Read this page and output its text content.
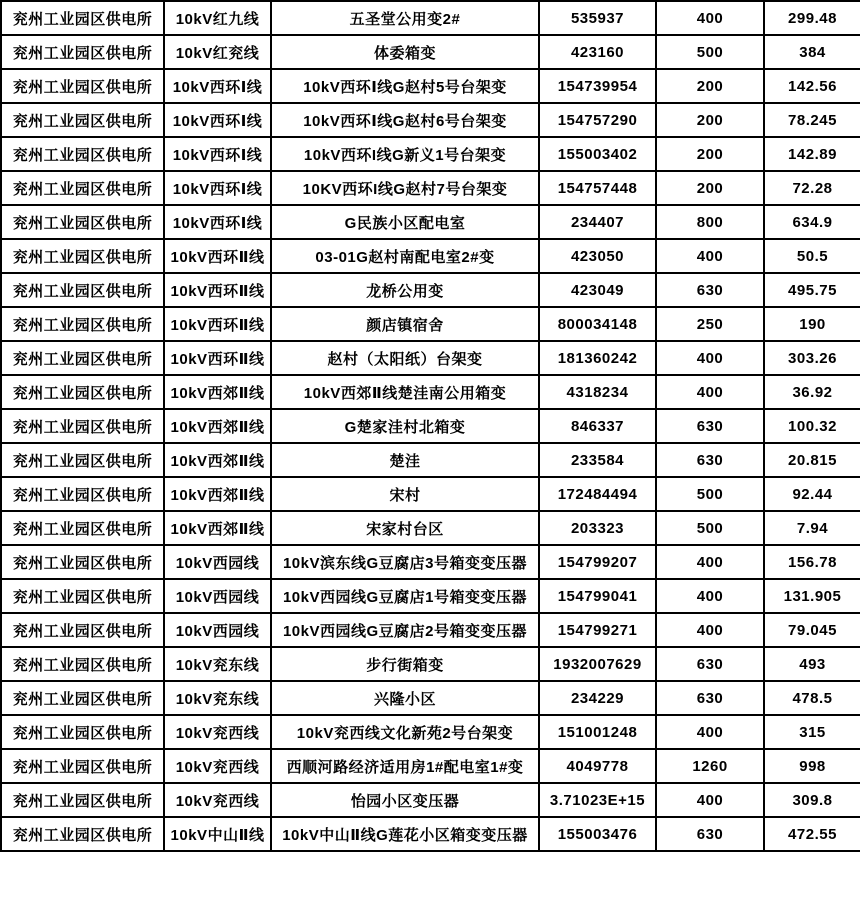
兖州工业园区供电所	10kV红九线	五圣堂公用变2#	535937	400	299.48
兖州工业园区供电所	10kV红兖线	体委箱变	423160	500	384
兖州工业园区供电所	10kV西环Ⅰ线	10kV西环Ⅰ线G赵村5号台架变	154739954	200	142.56
兖州工业园区供电所	10kV西环Ⅰ线	10kV西环Ⅰ线G赵村6号台架变	154757290	200	78.245
兖州工业园区供电所	10kV西环Ⅰ线	10kV西环I线G新义1号台架变	155003402	200	142.89
兖州工业园区供电所	10kV西环Ⅰ线	10KV西环I线G赵村7号台架变	154757448	200	72.28
兖州工业园区供电所	10kV西环Ⅰ线	G民族小区配电室	234407	800	634.9
兖州工业园区供电所	10kV西环Ⅱ线	03-01G赵村南配电室2#变	423050	400	50.5
兖州工业园区供电所	10kV西环Ⅱ线	龙桥公用变	423049	630	495.75
兖州工业园区供电所	10kV西环Ⅱ线	颜店镇宿舍	800034148	250	190
兖州工业园区供电所	10kV西环Ⅱ线	赵村（太阳纸）台架变	181360242	400	303.26
兖州工业园区供电所	10kV西郊Ⅱ线	10kV西郊Ⅱ线楚洼南公用箱变	4318234	400	36.92
兖州工业园区供电所	10kV西郊Ⅱ线	G楚家洼村北箱变	846337	630	100.32
兖州工业园区供电所	10kV西郊Ⅱ线	楚洼	233584	630	20.815
兖州工业园区供电所	10kV西郊Ⅱ线	宋村	172484494	500	92.44
兖州工业园区供电所	10kV西郊Ⅱ线	宋家村台区	203323	500	7.94
兖州工业园区供电所	10kV西园线	10kV滨东线G豆腐店3号箱变变压器	154799207	400	156.78
兖州工业园区供电所	10kV西园线	10kV西园线G豆腐店1号箱变变压器	154799041	400	131.905
兖州工业园区供电所	10kV西园线	10kV西园线G豆腐店2号箱变变压器	154799271	400	79.045
兖州工业园区供电所	10kV兖东线	步行街箱变	1932007629	630	493
兖州工业园区供电所	10kV兖东线	兴隆小区	234229	630	478.5
兖州工业园区供电所	10kV兖西线	10kV兖西线文化新苑2号台架变	151001248	400	315
兖州工业园区供电所	10kV兖西线	西顺河路经济适用房1#配电室1#变	4049778	1260	998
兖州工业园区供电所	10kV兖西线	怡园小区变压器	3.71023E+15	400	309.8
兖州工业园区供电所	10kV中山Ⅱ线	10kV中山Ⅱ线G莲花小区箱变变压器	155003476	630	472.55
